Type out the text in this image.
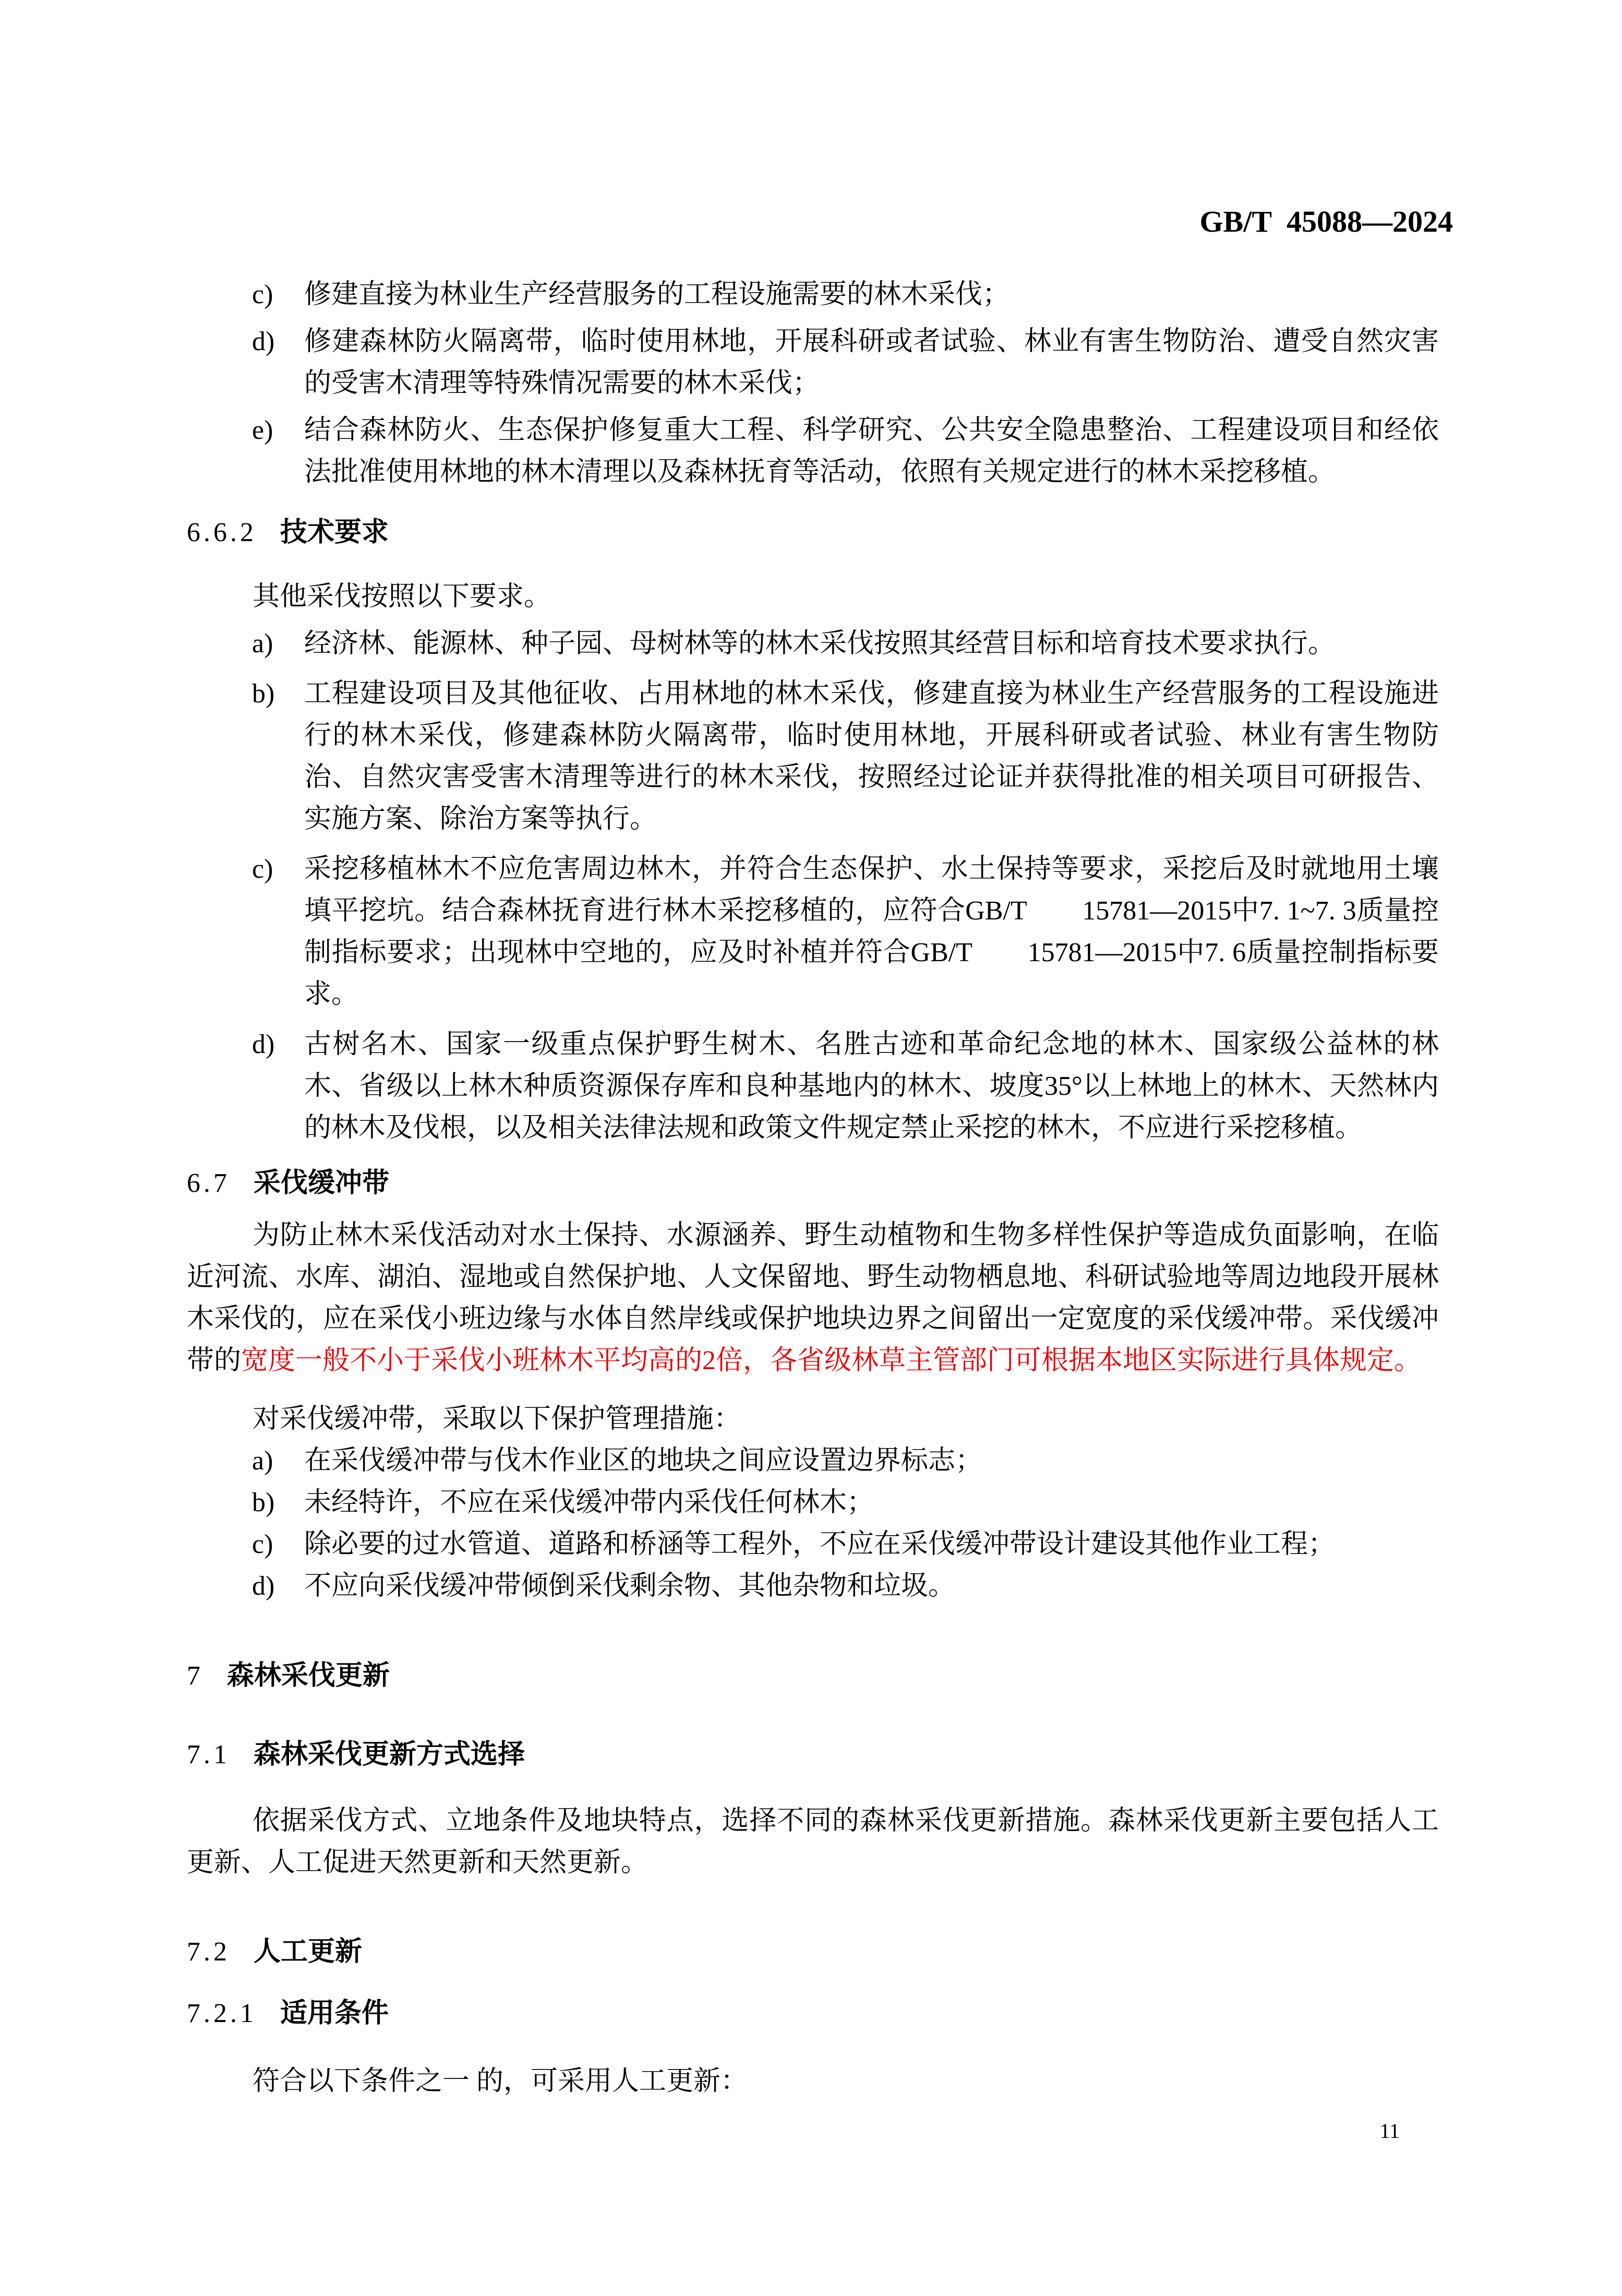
GB/T  45088—2024
c) 修建直接为林业生产经营服务的工程设施需要的林木采伐；
d) 修建森林防火隔离带，临时使用林地，开展科研或者试验、林业有害生物防治、遭受自然灾害的受害木清理等特殊情况需要的林木采伐；
e) 结合森林防火、生态保护修复重大工程、科学研究、公共安全隐患整治、工程建设项目和经依法批准使用林地的林木清理以及森林抚育等活动，依照有关规定进行的林木采挖移植。
6.6.2 技术要求
其他采伐按照以下要求。
a) 经济林、能源林、种子园、母树林等的林木采伐按照其经营目标和培育技术要求执行。
b) 工程建设项目及其他征收、占用林地的林木采伐，修建直接为林业生产经营服务的工程设施进行的林木采伐，修建森林防火隔离带，临时使用林地，开展科研或者试验、林业有害生物防治、自然灾害受害木清理等进行的林木采伐，按照经过论证并获得批准的相关项目可研报告、实施方案、除治方案等执行。
c) 采挖移植林木不应危害周边林木，并符合生态保护、水土保持等要求，采挖后及时就地用土壤填平挖坑。结合森林抚育进行林木采挖移植的，应符合GB/T　　15781—2015中7. 1~7. 3质量控制指标要求；出现林中空地的，应及时补植并符合GB/T　　15781—2015中7. 6质量控制指标要求。
d) 古树名木、国家一级重点保护野生树木、名胜古迹和革命纪念地的林木、国家级公益林的林木、省级以上林木种质资源保存库和良种基地内的林木、坡度35°以上林地上的林木、天然林内的林木及伐根，以及相关法律法规和政策文件规定禁止采挖的林木，不应进行采挖移植。
6.7 采伐缓冲带
为防止林木采伐活动对水土保持、水源涵养、野生动植物和生物多样性保护等造成负面影响，在临近河流、水库、湖泊、湿地或自然保护地、人文保留地、野生动物栖息地、科研试验地等周边地段开展林木采伐的，应在采伐小班边缘与水体自然岸线或保护地块边界之间留出一定宽度的采伐缓冲带。采伐缓冲带的宽度一般不小于采伐小班林木平均高的2倍，各省级林草主管部门可根据本地区实际进行具体规定。
对采伐缓冲带，采取以下保护管理措施：
a) 在采伐缓冲带与伐木作业区的地块之间应设置边界标志；
b) 未经特许，不应在采伐缓冲带内采伐任何林木；
c) 除必要的过水管道、道路和桥涵等工程外，不应在采伐缓冲带设计建设其他作业工程；
d) 不应向采伐缓冲带倾倒采伐剩余物、其他杂物和垃圾。
7 森林采伐更新
7.1 森林采伐更新方式选择
依据采伐方式、立地条件及地块特点，选择不同的森林采伐更新措施。森林采伐更新主要包括人工更新、人工促进天然更新和天然更新。
7.2 人工更新
7.2.1 适用条件
符合以下条件之一 的，可采用人工更新：
11
